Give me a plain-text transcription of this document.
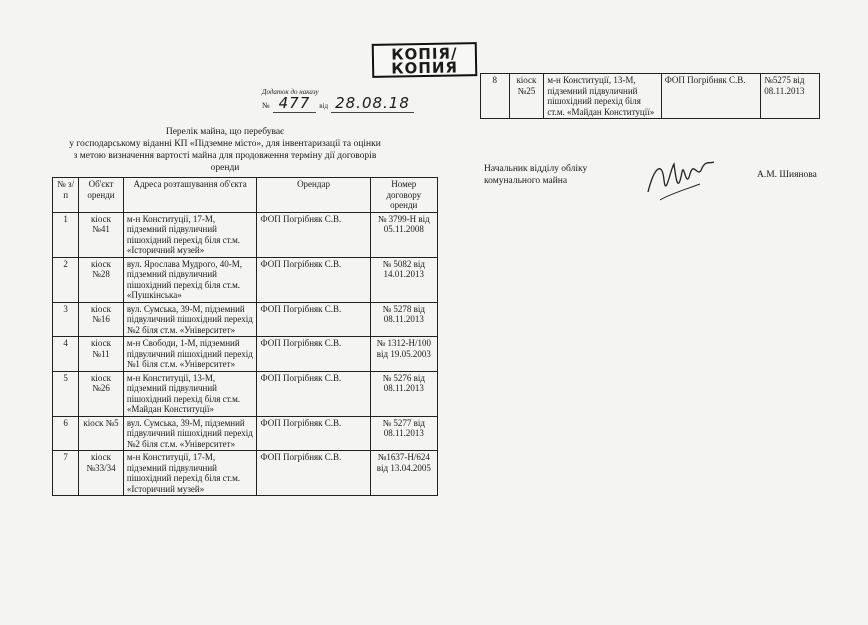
КОПІЯ/
КОПИЯ
Додаток до наказу
№ 477	від 28.08.18
Перелік майна, що перебуває
у господарському віданні КП «Підземне місто», для інвентаризації та оцінки
з метою визначення вартості майна для продовження терміну дії договорів
оренди
№ з/п	Об'єкт оренди	Адреса розташування об'єкта	Орендар	Номер договору оренди
1	кіоск №41	м-н Конституції, 17-М, підземний підвуличний пішохідний перехід біля ст.м. «Історичний музей»	ФОП Погрібняк С.В.	№ 3799-Н від 05.11.2008
2	кіоск №28	вул. Ярослава Мудрого, 40-М, підземний підвуличний пішохідний перехід біля ст.м. «Пушкінська»	ФОП Погрібняк С.В.	№ 5082 від 14.01.2013
3	кіоск №16	вул. Сумська, 39-М, підземний підвуличний пішохідний перехід №2 біля ст.м. «Університет»	ФОП Погрібняк С.В.	№ 5278 від 08.11.2013
4	кіоск №11	м-н Свободи, 1-М, підземний підвуличний пішохідний перехід №1 біля ст.м. «Університет»	ФОП Погрібняк С.В.	№ 1312-Н/100 від 19.05.2003
5	кіоск №26	м-н Конституції, 13-М, підземний підвуличний пішохідний перехід біля ст.м. «Майдан Конституції»	ФОП Погрібняк С.В.	№ 5276 від 08.11.2013
6	кіоск №5	вул. Сумська, 39-М, підземний підвуличний пішохідний перехід №2 біля ст.м. «Університет»	ФОП Погрібняк С.В.	№ 5277 від 08.11.2013
7	кіоск №33/34	м-н Конституції, 17-М, підземний підвуличний пішохідний перехід біля ст.м. «Історичний музей»	ФОП Погрібняк С.В.	№1637-Н/624 від 13.04.2005
8	кіоск №25	м-н Конституції, 13-М, підземний підвуличний пішохідний перехід біля ст.м. «Майдан Конституції»	ФОП Погрібняк С.В.	№5275 від 08.11.2013
Начальник відділу обліку
комунального майна
А.М. Шиянова
